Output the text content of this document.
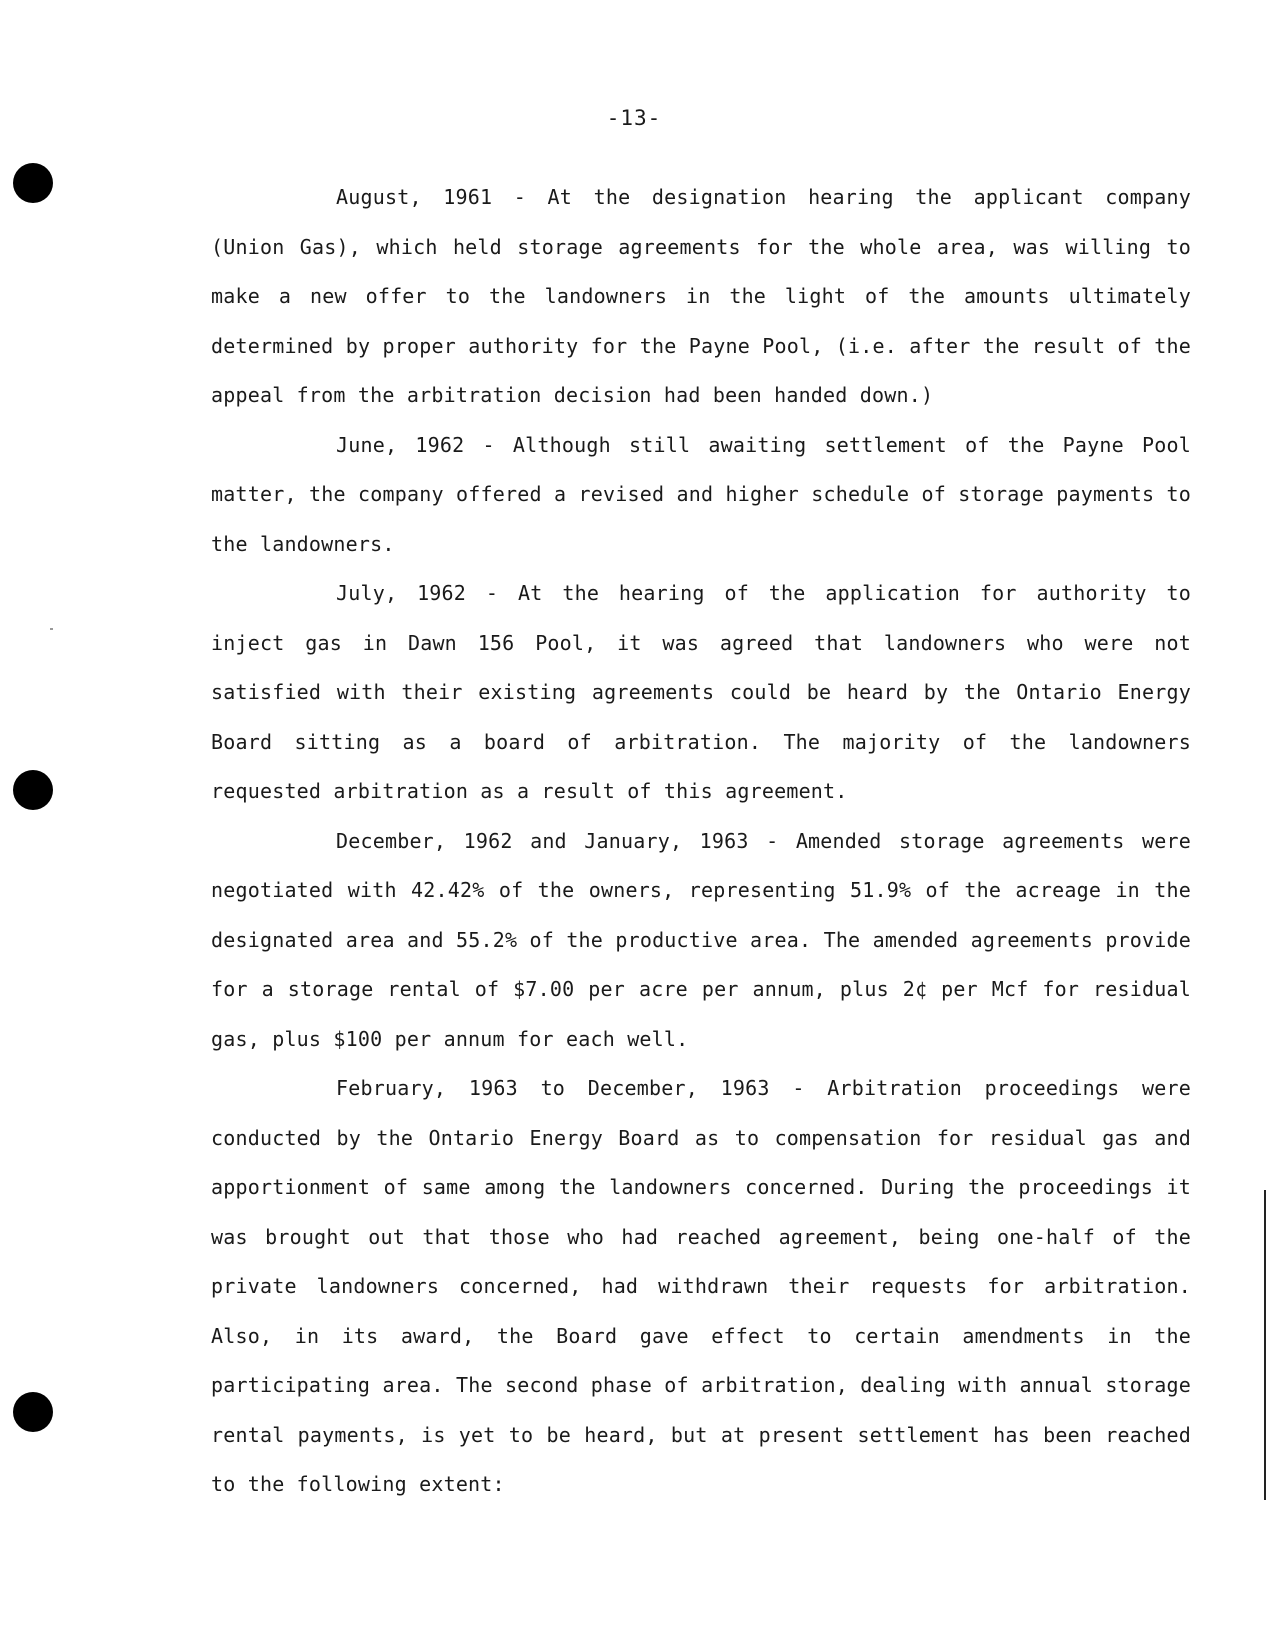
-13-

August, 1961 - At the designation hearing the applicant company (Union Gas), which held storage agreements for the whole area, was willing to make a new offer to the landowners in the light of the amounts ultimately determined by proper authority for the Payne Pool, (i.e. after the result of the appeal from the arbitration decision had been handed down.)

June, 1962 - Although still awaiting settlement of the Payne Pool matter, the company offered a revised and higher schedule of storage payments to the landowners.

July, 1962 - At the hearing of the application for authority to inject gas in Dawn 156 Pool, it was agreed that landowners who were not satisfied with their existing agreements could be heard by the Ontario Energy Board sitting as a board of arbitration. The majority of the landowners requested arbitration as a result of this agreement.

December, 1962 and January, 1963 - Amended storage agreements were negotiated with 42.42% of the owners, representing 51.9% of the acreage in the designated area and 55.2% of the productive area. The amended agreements provide for a storage rental of $7.00 per acre per annum, plus 2¢ per Mcf for residual gas, plus $100 per annum for each well.

February, 1963 to December, 1963 - Arbitration proceedings were conducted by the Ontario Energy Board as to compensation for residual gas and apportionment of same among the landowners concerned. During the proceedings it was brought out that those who had reached agreement, being one-half of the private landowners concerned, had withdrawn their requests for arbitration. Also, in its award, the Board gave effect to certain amendments in the participating area. The second phase of arbitration, dealing with annual storage rental payments, is yet to be heard, but at present settlement has been reached to the following extent:
